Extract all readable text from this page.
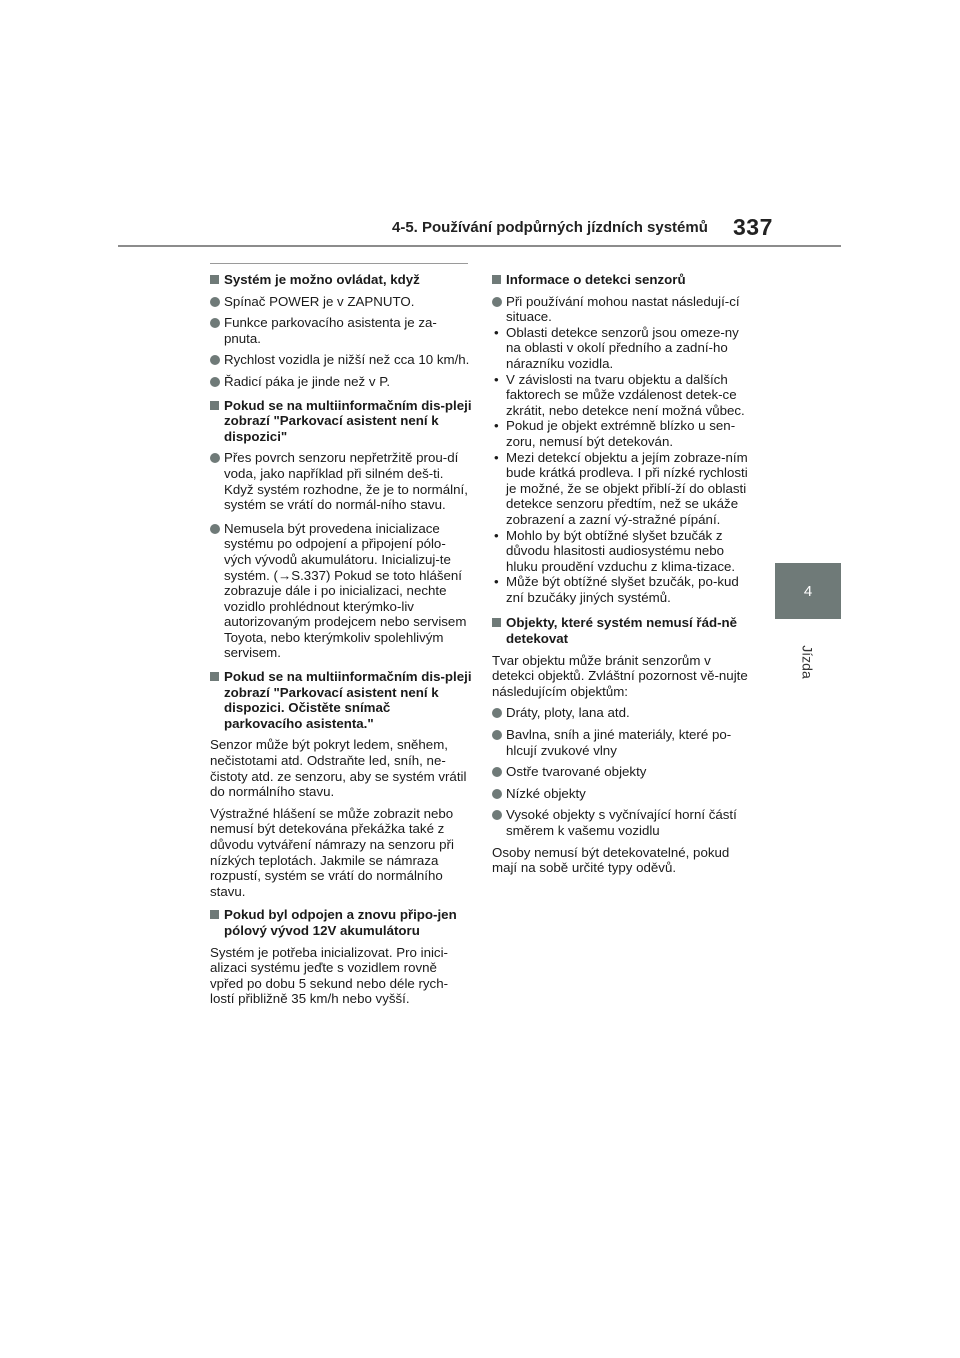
4-5. Používání podpůrných jízdních systémů 337
4
Jízda
Systém je možno ovládat, když
Spínač POWER je v ZAPNUTO.
Funkce parkovacího asistenta je za-pnuta.
Rychlost vozidla je nižší než cca 10 km/h.
Řadicí páka je jinde než v P.
Pokud se na multiinformačním dis-pleji zobrazí "Parkovací asistent není k dispozici"
Přes povrch senzoru nepřetržitě prou-dí voda, jako například při silném deš-ti. Když systém rozhodne, že je to normální, systém se vrátí do normál-ního stavu.
Nemusela být provedena inicializace systému po odpojení a připojení pólo-vých vývodů akumulátoru. Inicializuj-te systém. (→S.337) Pokud se toto hlášení zobrazuje dále i po inicializaci, nechte vozidlo prohlédnout kterýmko-liv autorizovaným prodejcem nebo servisem Toyota, nebo kterýmkoliv spolehlivým servisem.
Pokud se na multiinformačním dis-pleji zobrazí "Parkovací asistent není k dispozici. Očistěte snímač parkovacího asistenta."
Senzor může být pokryt ledem, sněhem, nečistotami atd. Odstraňte led, sníh, ne-čistoty atd. ze senzoru, aby se systém vrátil do normálního stavu.
Výstražné hlášení se může zobrazit nebo nemusí být detekována překážka také z důvodu vytváření námrazy na senzoru při nízkých teplotách. Jakmile se námraza rozpustí, systém se vrátí do normálního stavu.
Pokud byl odpojen a znovu připo-jen pólový vývod 12V akumulátoru
Systém je potřeba inicializovat. Pro inici-alizaci systému jeďte s vozidlem rovně vpřed po dobu 5 sekund nebo déle rych-lostí přibližně 35 km/h nebo vyšší.
Informace o detekci senzorů
Při používání mohou nastat následují-cí situace.
• Oblasti detekce senzorů jsou omeze-ny na oblasti v okolí předního a zadní-ho nárazníku vozidla.
• V závislosti na tvaru objektu a dalších faktorech se může vzdálenost detek-ce zkrátit, nebo detekce není možná vůbec.
• Pokud je objekt extrémně blízko u sen-zoru, nemusí být detekován.
• Mezi detekcí objektu a jejím zobraze-ním bude krátká prodleva. I při nízké rychlosti je možné, že se objekt přiblí-ží do oblasti detekce senzoru předtím, než se ukáže zobrazení a zazní vý-stražné pípání.
• Mohlo by být obtížné slyšet bzučák z důvodu hlasitosti audiosystému nebo hluku proudění vzduchu z klima-tizace.
• Může být obtížné slyšet bzučák, po-kud zní bzučáky jiných systémů.
Objekty, které systém nemusí řád-ně detekovat
Tvar objektu může bránit senzorům v detekci objektů. Zvláštní pozornost vě-nujte následujícím objektům:
Dráty, ploty, lana atd.
Bavlna, sníh a jiné materiály, které po-hlcují zvukové vlny
Ostře tvarované objekty
Nízké objekty
Vysoké objekty s vyčnívající horní částí směrem k vašemu vozidlu
Osoby nemusí být detekovatelné, pokud mají na sobě určité typy oděvů.
